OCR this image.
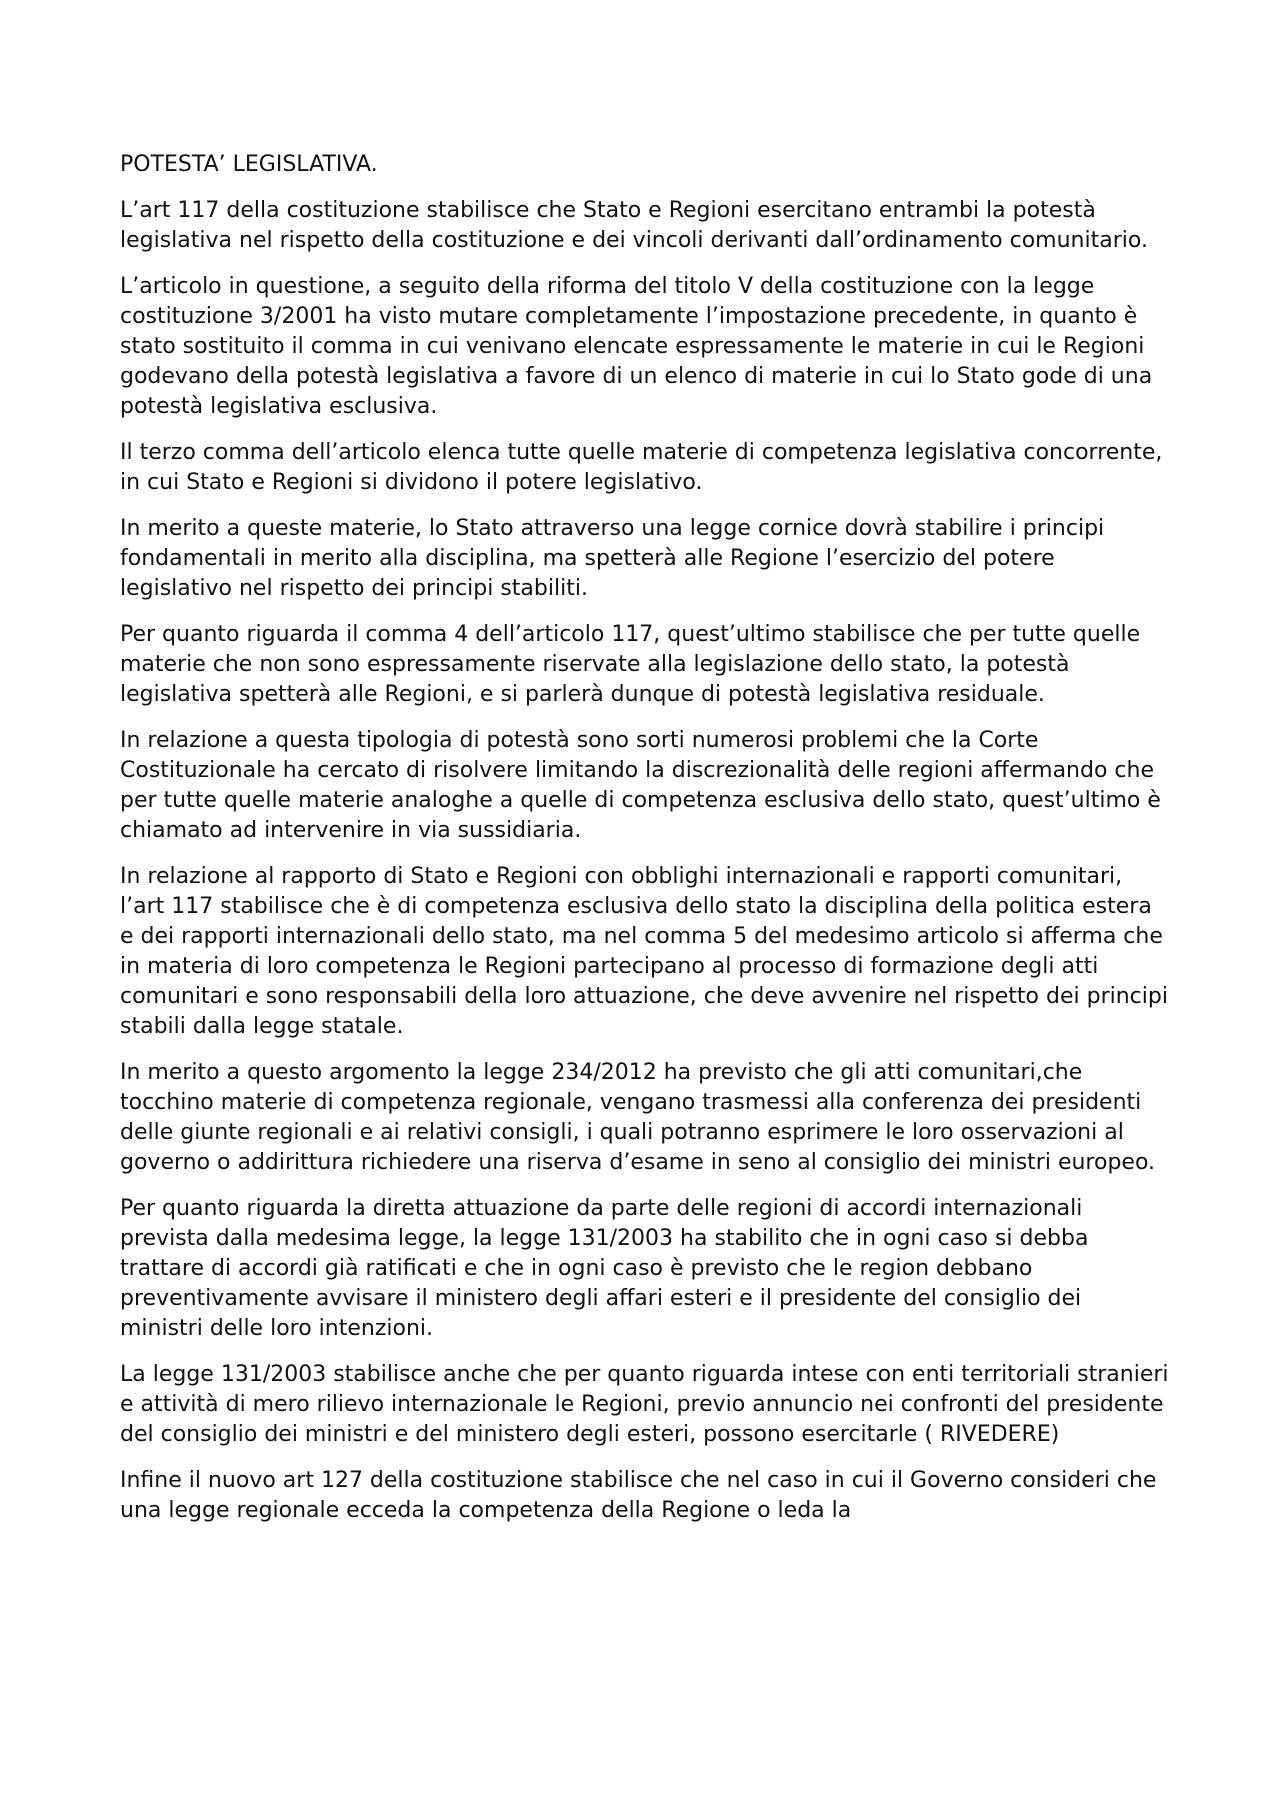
POTESTA’ LEGISLATIVA.

L’art 117 della costituzione stabilisce che Stato e Regioni esercitano entrambi la potestà legislativa nel rispetto della costituzione e dei vincoli derivanti dall’ordinamento comunitario.

L’articolo in questione, a seguito della riforma del titolo V della costituzione con la legge costituzione 3/2001 ha visto mutare completamente l’impostazione precedente, in quanto è stato sostituito il comma in cui venivano elencate espressamente le materie in cui le Regioni godevano della potestà legislativa a favore di un elenco di materie in cui lo Stato gode di una potestà legislativa esclusiva.

Il terzo comma dell’articolo elenca tutte quelle materie di competenza legislativa concorrente, in cui Stato e Regioni si dividono il potere legislativo.

In merito a queste materie, lo Stato attraverso una legge cornice dovrà stabilire i principi fondamentali in merito alla disciplina, ma spetterà alle Regione l’esercizio del potere legislativo nel rispetto dei principi stabiliti.

Per quanto riguarda il comma 4 dell’articolo 117, quest’ultimo stabilisce che per tutte quelle materie che non sono espressamente riservate alla legislazione dello stato, la potestà legislativa spetterà alle Regioni, e si parlerà dunque di potestà legislativa residuale.

In relazione a questa tipologia di potestà sono sorti numerosi problemi che la Corte Costituzionale ha cercato di risolvere limitando la discrezionalità delle regioni affermando che per tutte quelle materie analoghe a quelle di competenza esclusiva dello stato, quest’ultimo è chiamato ad intervenire in via sussidiaria.

In relazione al rapporto di Stato e Regioni con obblighi internazionali e rapporti comunitari, l’art 117 stabilisce che è di competenza esclusiva dello stato la disciplina della politica estera e dei rapporti internazionali dello stato, ma nel comma 5 del medesimo articolo si afferma che in materia di loro competenza le Regioni partecipano al processo di formazione degli atti comunitari e sono responsabili della loro attuazione, che deve avvenire nel rispetto dei principi stabili dalla legge statale.

In merito a questo argomento la legge 234/2012 ha previsto che gli atti comunitari,che tocchino materie di competenza regionale, vengano trasmessi alla conferenza dei presidenti delle giunte regionali e ai relativi consigli, i quali potranno esprimere le loro osservazioni al governo o addirittura richiedere una riserva d’esame in seno al consiglio dei ministri europeo.

Per quanto riguarda la diretta attuazione da parte delle regioni di accordi internazionali prevista dalla medesima legge, la legge 131/2003 ha stabilito che in ogni caso si debba trattare di accordi già ratificati e che in ogni caso è previsto che le region debbano preventivamente avvisare il ministero degli affari esteri e il presidente del consiglio dei ministri delle loro intenzioni.

La legge 131/2003 stabilisce anche che per quanto riguarda intese con enti territoriali stranieri e attività di mero rilievo internazionale le Regioni, previo annuncio nei confronti del presidente del consiglio dei ministri e del ministero degli esteri, possono esercitarle ( RIVEDERE)

Infine il nuovo art 127 della costituzione stabilisce che nel caso in cui il Governo consideri che una legge regionale ecceda la competenza della Regione o leda la
